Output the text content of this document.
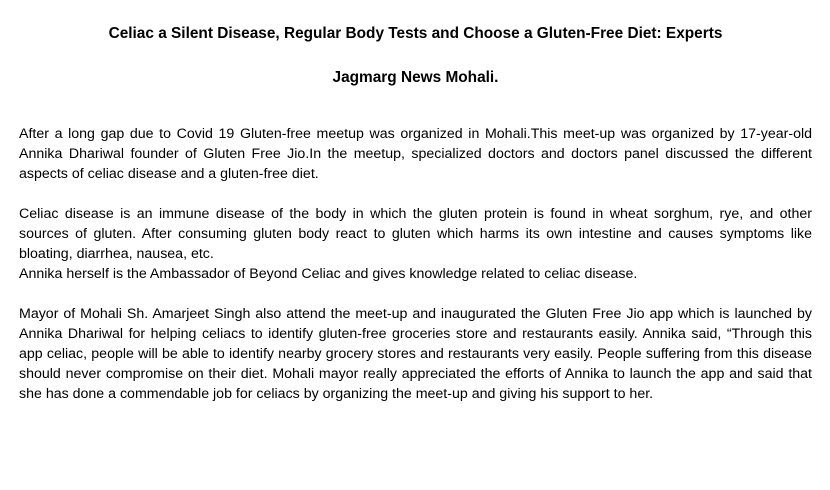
Celiac a Silent Disease, Regular Body Tests and Choose a Gluten-Free Diet: Experts
Jagmarg News Mohali.

After a long gap due to Covid 19 Gluten-free meetup was organized in Mohali.This meet-up was organized by 17-year-old Annika Dhariwal founder of Gluten Free Jio.In the meetup, specialized doctors and doctors panel discussed the different aspects of celiac disease and a gluten-free diet.

Celiac disease is an immune disease of the body in which the gluten protein is found in wheat sorghum, rye, and other sources of gluten. After consuming gluten body react to gluten which harms its own intestine and causes symptoms like bloating, diarrhea, nausea, etc.

Annika herself is the Ambassador of Beyond Celiac and gives knowledge related to celiac disease.

Mayor of Mohali Sh. Amarjeet Singh also attend the meet-up and inaugurated the Gluten Free Jio app which is launched by Annika Dhariwal for helping celiacs to identify gluten-free groceries store and restaurants easily. Annika said, “Through this app celiac, people will be able to identify nearby grocery stores and restaurants very easily. People suffering from this disease should never compromise on their diet. Mohali mayor really appreciated the efforts of Annika to launch the app and said that she has done a commendable job for celiacs by organizing the meet-up and giving his support to her.
